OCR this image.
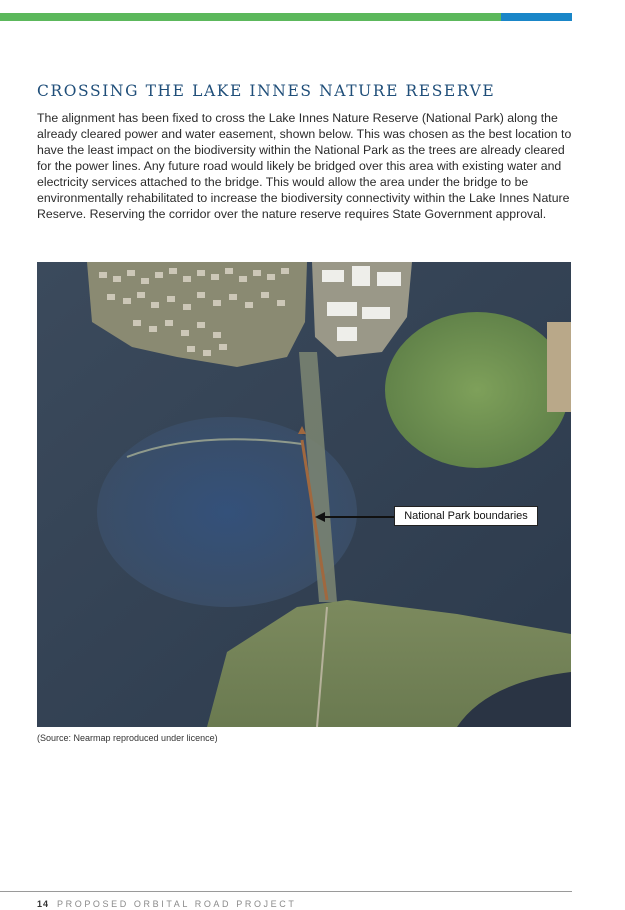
CROSSING THE LAKE INNES NATURE RESERVE

The alignment has been fixed to cross the Lake Innes Nature Reserve (National Park) along the already cleared power and water easement, shown below. This was chosen as the best location to have the least impact on the biodiversity within the National Park as the trees are already cleared for the power lines. Any future road would likely be bridged over this area with existing water and electricity services attached to the bridge. This would allow the area under the bridge to be environmentally rehabilitated to increase the biodiversity connectivity within the Lake Innes Nature Reserve. Reserving the corridor over the nature reserve requires State Government approval.

National Park boundaries

(Source: Nearmap reproduced under licence)

14 PROPOSED ORBITAL ROAD PROJECT
